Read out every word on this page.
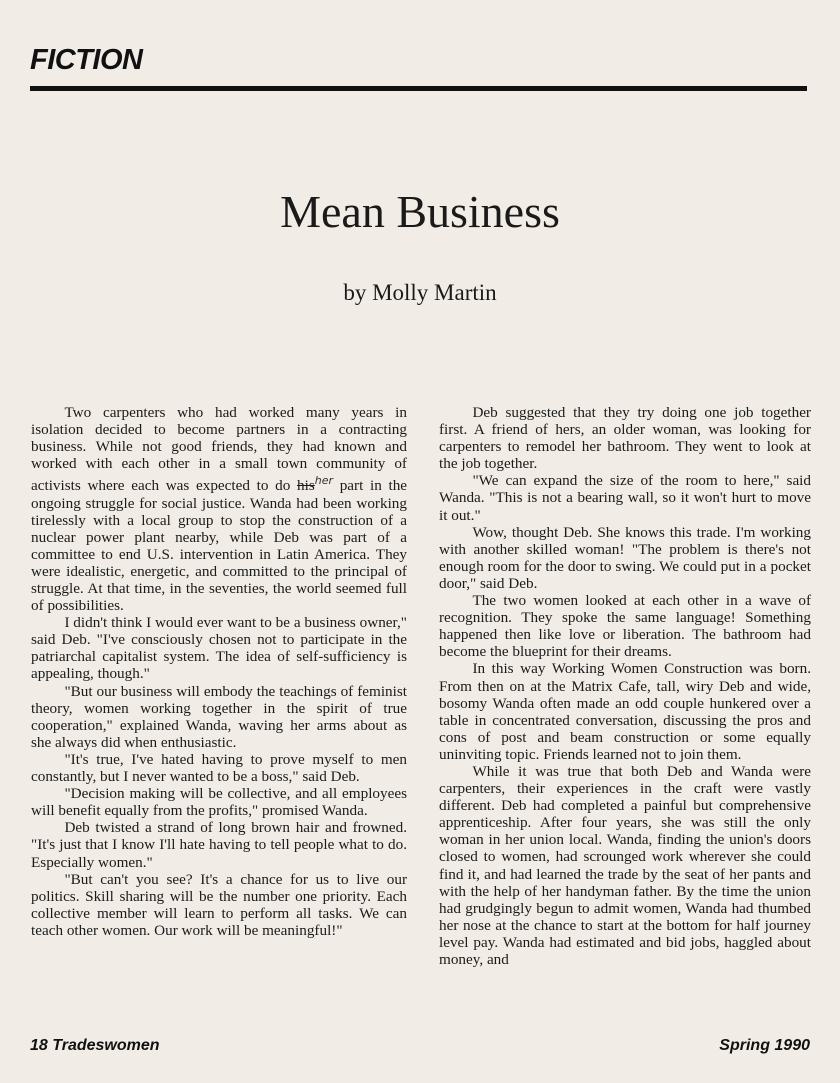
FICTION
Mean Business
by Molly Martin

Two carpenters who had worked many years in isolation decided to become partners in a contracting business. While not good friends, they had known and worked with each other in a small town community of activists where each was expected to do his$^{her}$ part in the ongoing struggle for social justice. Wanda had been working tirelessly with a local group to stop the construction of a nuclear power plant nearby, while Deb was part of a committee to end U.S. intervention in Latin America. They were idealistic, energetic, and committed to the principal of struggle. At that time, in the seventies, the world seemed full of possibilities.

I didn't think I would ever want to be a business owner," said Deb. "I've consciously chosen not to participate in the patriarchal capitalist system. The idea of self-sufficiency is appealing, though."

"But our business will embody the teachings of feminist theory, women working together in the spirit of true cooperation," explained Wanda, waving her arms about as she always did when enthusiastic.

"It's true, I've hated having to prove myself to men constantly, but I never wanted to be a boss," said Deb.

"Decision making will be collective, and all employees will benefit equally from the profits," promised Wanda.

Deb twisted a strand of long brown hair and frowned. "It's just that I know I'll hate having to tell people what to do. Especially women."

"But can't you see? It's a chance for us to live our politics. Skill sharing will be the number one priority. Each collective member will learn to perform all tasks. We can teach other women. Our work will be meaningful!"

Deb suggested that they try doing one job together first. A friend of hers, an older woman, was looking for carpenters to remodel her bathroom. They went to look at the job together.

"We can expand the size of the room to here," said Wanda. "This is not a bearing wall, so it won't hurt to move it out."

Wow, thought Deb. She knows this trade. I'm working with another skilled woman! "The problem is there's not enough room for the door to swing. We could put in a pocket door," said Deb.

The two women looked at each other in a wave of recognition. They spoke the same language! Something happened then like love or liberation. The bathroom had become the blueprint for their dreams.

In this way Working Women Construction was born. From then on at the Matrix Cafe, tall, wiry Deb and wide, bosomy Wanda often made an odd couple hunkered over a table in concentrated conversation, discussing the pros and cons of post and beam construction or some equally uninviting topic. Friends learned not to join them.

While it was true that both Deb and Wanda were carpenters, their experiences in the craft were vastly different. Deb had completed a painful but comprehensive apprenticeship. After four years, she was still the only woman in her union local. Wanda, finding the union's doors closed to women, had scrounged work wherever she could find it, and had learned the trade by the seat of her pants and with the help of her handyman father. By the time the union had grudgingly begun to admit women, Wanda had thumbed her nose at the chance to start at the bottom for half journey level pay. Wanda had estimated and bid jobs, haggled about money, and

18 Tradeswomen	Spring 1990
